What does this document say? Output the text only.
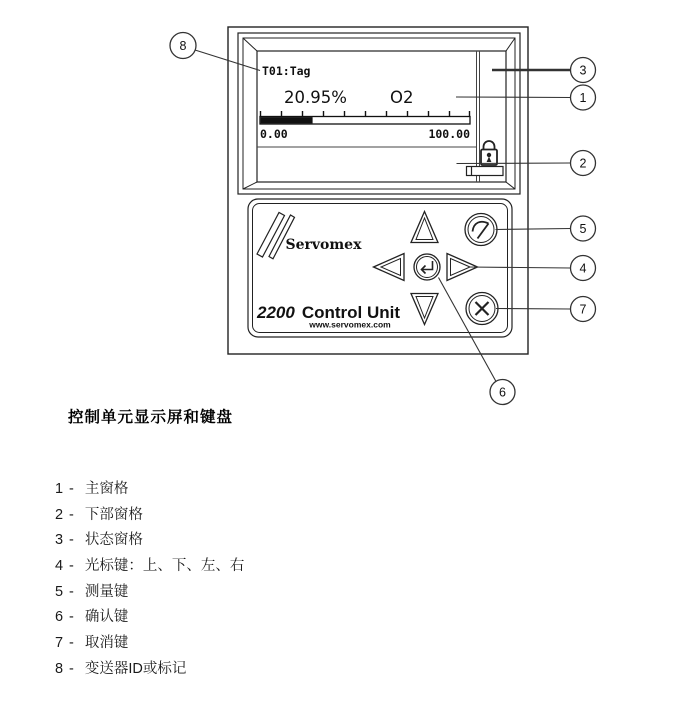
T01:Tag
20.95%	O2
0.00	100.00
Servomex
2200 Control Unit
www.servomex.com
8
3
1
2
5
4
7
6
控制单元显示屏和键盘
1 - 主窗格
2 - 下部窗格
3 - 状态窗格
4 - 光标键：上、下、左、右
5 - 测量键
6 - 确认键
7 - 取消键
8 - 变送器ID或标记
